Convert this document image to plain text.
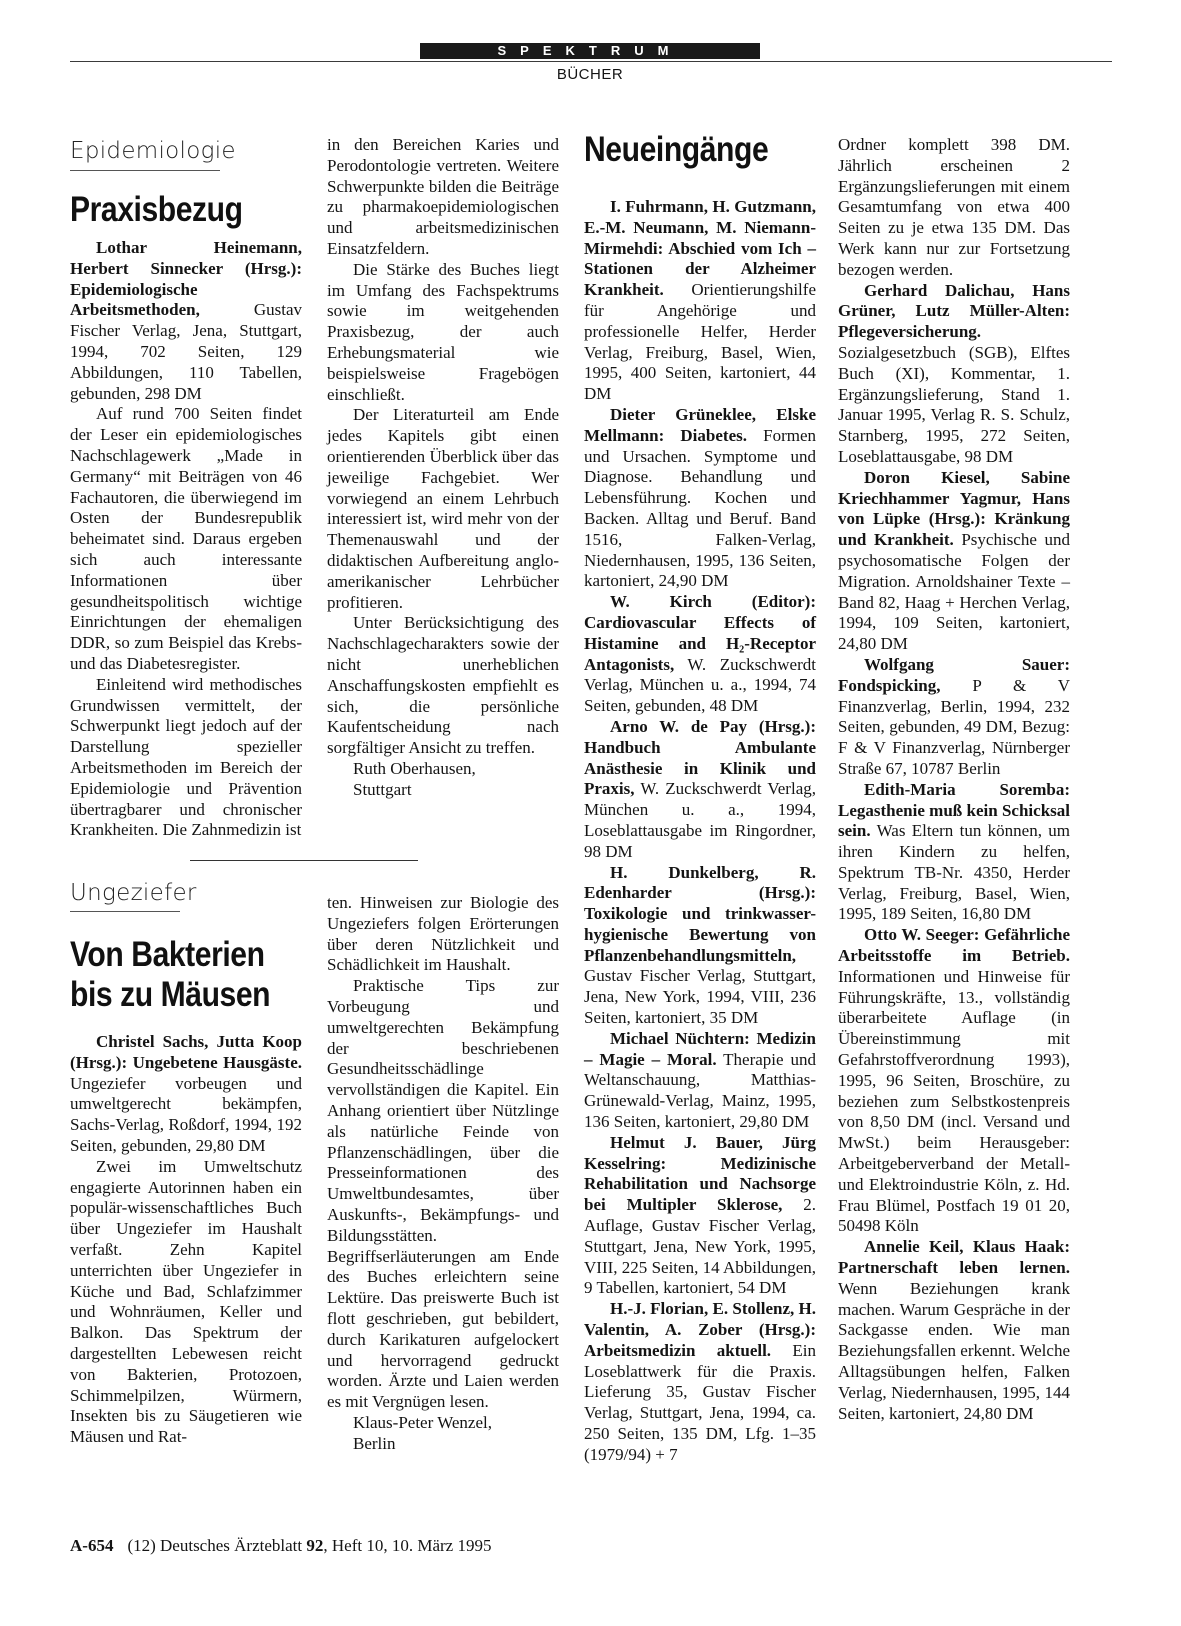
SPEKTRUM
BÜCHER
Epidemiologie
Praxisbezug

Lothar Heinemann, Herbert Sinnecker (Hrsg.): Epidemiologische Arbeitsmethoden, Gustav Fischer Verlag, Jena, Stuttgart, 1994, 702 Seiten, 129 Abbildungen, 110 Tabellen, gebunden, 298 DM

Auf rund 700 Seiten findet der Leser ein epidemiologisches Nachschlagewerk „Made in Germany“ mit Beiträgen von 46 Fachautoren, die überwiegend im Osten der Bundesrepublik beheimatet sind. Daraus ergeben sich auch interessante Informationen über gesundheitspolitisch wichtige Einrichtungen der ehemaligen DDR, so zum Beispiel das Krebs- und das Diabetesregister.

Einleitend wird methodisches Grundwissen vermittelt, der Schwerpunkt liegt jedoch auf der Darstellung spezieller Arbeitsmethoden im Bereich der Epidemiologie und Prävention übertragbarer und chronischer Krankheiten. Die Zahnmedizin ist

in den Bereichen Karies und Perodontologie vertreten. Weitere Schwerpunkte bilden die Beiträge zu pharmakoepidemiologischen und arbeitsmedizinischen Einsatzfeldern.

Die Stärke des Buches liegt im Umfang des Fachspektrums sowie im weitgehenden Praxisbezug, der auch Erhebungsmaterial wie beispielsweise Fragebögen einschließt.

Der Literaturteil am Ende jedes Kapitels gibt einen orientierenden Überblick über das jeweilige Fachgebiet. Wer vorwiegend an einem Lehrbuch interessiert ist, wird mehr von der Themenauswahl und der didaktischen Aufbereitung anglo-amerikanischer Lehrbücher profitieren.

Unter Berücksichtigung des Nachschlagecharakters sowie der nicht unerheblichen Anschaffungskosten empfiehlt es sich, die persönliche Kaufentscheidung nach sorgfältiger Ansicht zu treffen.

Ruth Oberhausen,

Stuttgart

Ungeziefer
Von Bakterien
bis zu Mäusen

Christel Sachs, Jutta Koop (Hrsg.): Ungebetene Hausgäste. Ungeziefer vorbeugen und umweltgerecht bekämpfen, Sachs-Verlag, Roßdorf, 1994, 192 Seiten, gebunden, 29,80 DM

Zwei im Umweltschutz engagierte Autorinnen haben ein populär-wissenschaftliches Buch über Ungeziefer im Haushalt verfaßt. Zehn Kapitel unterrichten über Ungeziefer in Küche und Bad, Schlafzimmer und Wohnräumen, Keller und Balkon. Das Spektrum der dargestellten Lebewesen reicht von Bakterien, Protozoen, Schimmelpilzen, Würmern, Insekten bis zu Säugetieren wie Mäusen und Rat-

ten. Hinweisen zur Biologie des Ungeziefers folgen Erörterungen über deren Nützlichkeit und Schädlichkeit im Haushalt.

Praktische Tips zur Vorbeugung und umweltgerechten Bekämpfung der beschriebenen Gesundheitsschädlinge vervollständigen die Kapitel. Ein Anhang orientiert über Nützlinge als natürliche Feinde von Pflanzenschädlingen, über die Presseinformationen des Umweltbundesamtes, über Auskunfts-, Bekämpfungs- und Bildungsstätten. Begriffserläuterungen am Ende des Buches erleichtern seine Lektüre. Das preiswerte Buch ist flott geschrieben, gut bebildert, durch Karikaturen aufgelockert und hervorragend gedruckt worden. Ärzte und Laien werden es mit Vergnügen lesen.

Klaus-Peter Wenzel,

Berlin

Neueingänge

I. Fuhrmann, H. Gutzmann, E.-M. Neumann, M. Niemann-Mirmehdi: Abschied vom Ich – Stationen der Alzheimer Krankheit. Orientierungshilfe für Angehörige und professionelle Helfer, Herder Verlag, Freiburg, Basel, Wien, 1995, 400 Seiten, kartoniert, 44 DM

Dieter Grüneklee, Elske Mellmann: Diabetes. Formen und Ursachen. Symptome und Diagnose. Behandlung und Lebensführung. Kochen und Backen. Alltag und Beruf. Band 1516, Falken-Verlag, Niedernhausen, 1995, 136 Seiten, kartoniert, 24,90 DM

W. Kirch (Editor): Cardiovascular Effects of Histamine and H₂-Receptor Antagonists, W. Zuckschwerdt Verlag, München u. a., 1994, 74 Seiten, gebunden, 48 DM

Arno W. de Pay (Hrsg.): Handbuch Ambulante Anästhesie in Klinik und Praxis, W. Zuckschwerdt Verlag, München u. a., 1994, Loseblattausgabe im Ringordner, 98 DM

H. Dunkelberg, R. Edenharder (Hrsg.): Toxikologie und trinkwasser-hygienische Bewertung von Pflanzenbehandlungsmitteln, Gustav Fischer Verlag, Stuttgart, Jena, New York, 1994, VIII, 236 Seiten, kartoniert, 35 DM

Michael Nüchtern: Medizin – Magie – Moral. Therapie und Weltanschauung, Matthias-Grünewald-Verlag, Mainz, 1995, 136 Seiten, kartoniert, 29,80 DM

Helmut J. Bauer, Jürg Kesselring: Medizinische Rehabilitation und Nachsorge bei Multipler Sklerose, 2. Auflage, Gustav Fischer Verlag, Stuttgart, Jena, New York, 1995, VIII, 225 Seiten, 14 Abbildungen, 9 Tabellen, kartoniert, 54 DM

H.-J. Florian, E. Stollenz, H. Valentin, A. Zober (Hrsg.): Arbeitsmedizin aktuell. Ein Loseblattwerk für die Praxis. Lieferung 35, Gustav Fischer Verlag, Stuttgart, Jena, 1994, ca. 250 Seiten, 135 DM, Lfg. 1–35 (1979/94) + 7

Ordner komplett 398 DM. Jährlich erscheinen 2 Ergänzungslieferungen mit einem Gesamtumfang von etwa 400 Seiten zu je etwa 135 DM. Das Werk kann nur zur Fortsetzung bezogen werden.

Gerhard Dalichau, Hans Grüner, Lutz Müller-Alten: Pflegeversicherung. Sozialgesetzbuch (SGB), Elftes Buch (XI), Kommentar, 1. Ergänzungslieferung, Stand 1. Januar 1995, Verlag R. S. Schulz, Starnberg, 1995, 272 Seiten, Loseblattausgabe, 98 DM

Doron Kiesel, Sabine Kriechhammer Yagmur, Hans von Lüpke (Hrsg.): Kränkung und Krankheit. Psychische und psychosomatische Folgen der Migration. Arnoldshainer Texte – Band 82, Haag + Herchen Verlag, 1994, 109 Seiten, kartoniert, 24,80 DM

Wolfgang Sauer: Fondspicking, P & V Finanzverlag, Berlin, 1994, 232 Seiten, gebunden, 49 DM, Bezug: F & V Finanzverlag, Nürnberger Straße 67, 10787 Berlin

Edith-Maria Soremba: Legasthenie muß kein Schicksal sein. Was Eltern tun können, um ihren Kindern zu helfen, Spektrum TB-Nr. 4350, Herder Verlag, Freiburg, Basel, Wien, 1995, 189 Seiten, 16,80 DM

Otto W. Seeger: Gefährliche Arbeitsstoffe im Betrieb. Informationen und Hinweise für Führungskräfte, 13., vollständig überarbeitete Auflage (in Übereinstimmung mit Gefahrstoffverordnung 1993), 1995, 96 Seiten, Broschüre, zu beziehen zum Selbstkostenpreis von 8,50 DM (incl. Versand und MwSt.) beim Herausgeber: Arbeitgeberverband der Metall- und Elektroindustrie Köln, z. Hd. Frau Blümel, Postfach 19 01 20, 50498 Köln

Annelie Keil, Klaus Haak: Partnerschaft leben lernen. Wenn Beziehungen krank machen. Warum Gespräche in der Sackgasse enden. Wie man Beziehungsfallen erkennt. Welche Alltagsübungen helfen, Falken Verlag, Niedernhausen, 1995, 144 Seiten, kartoniert, 24,80 DM

A-654 (12) Deutsches Ärzteblatt 92, Heft 10, 10. März 1995
